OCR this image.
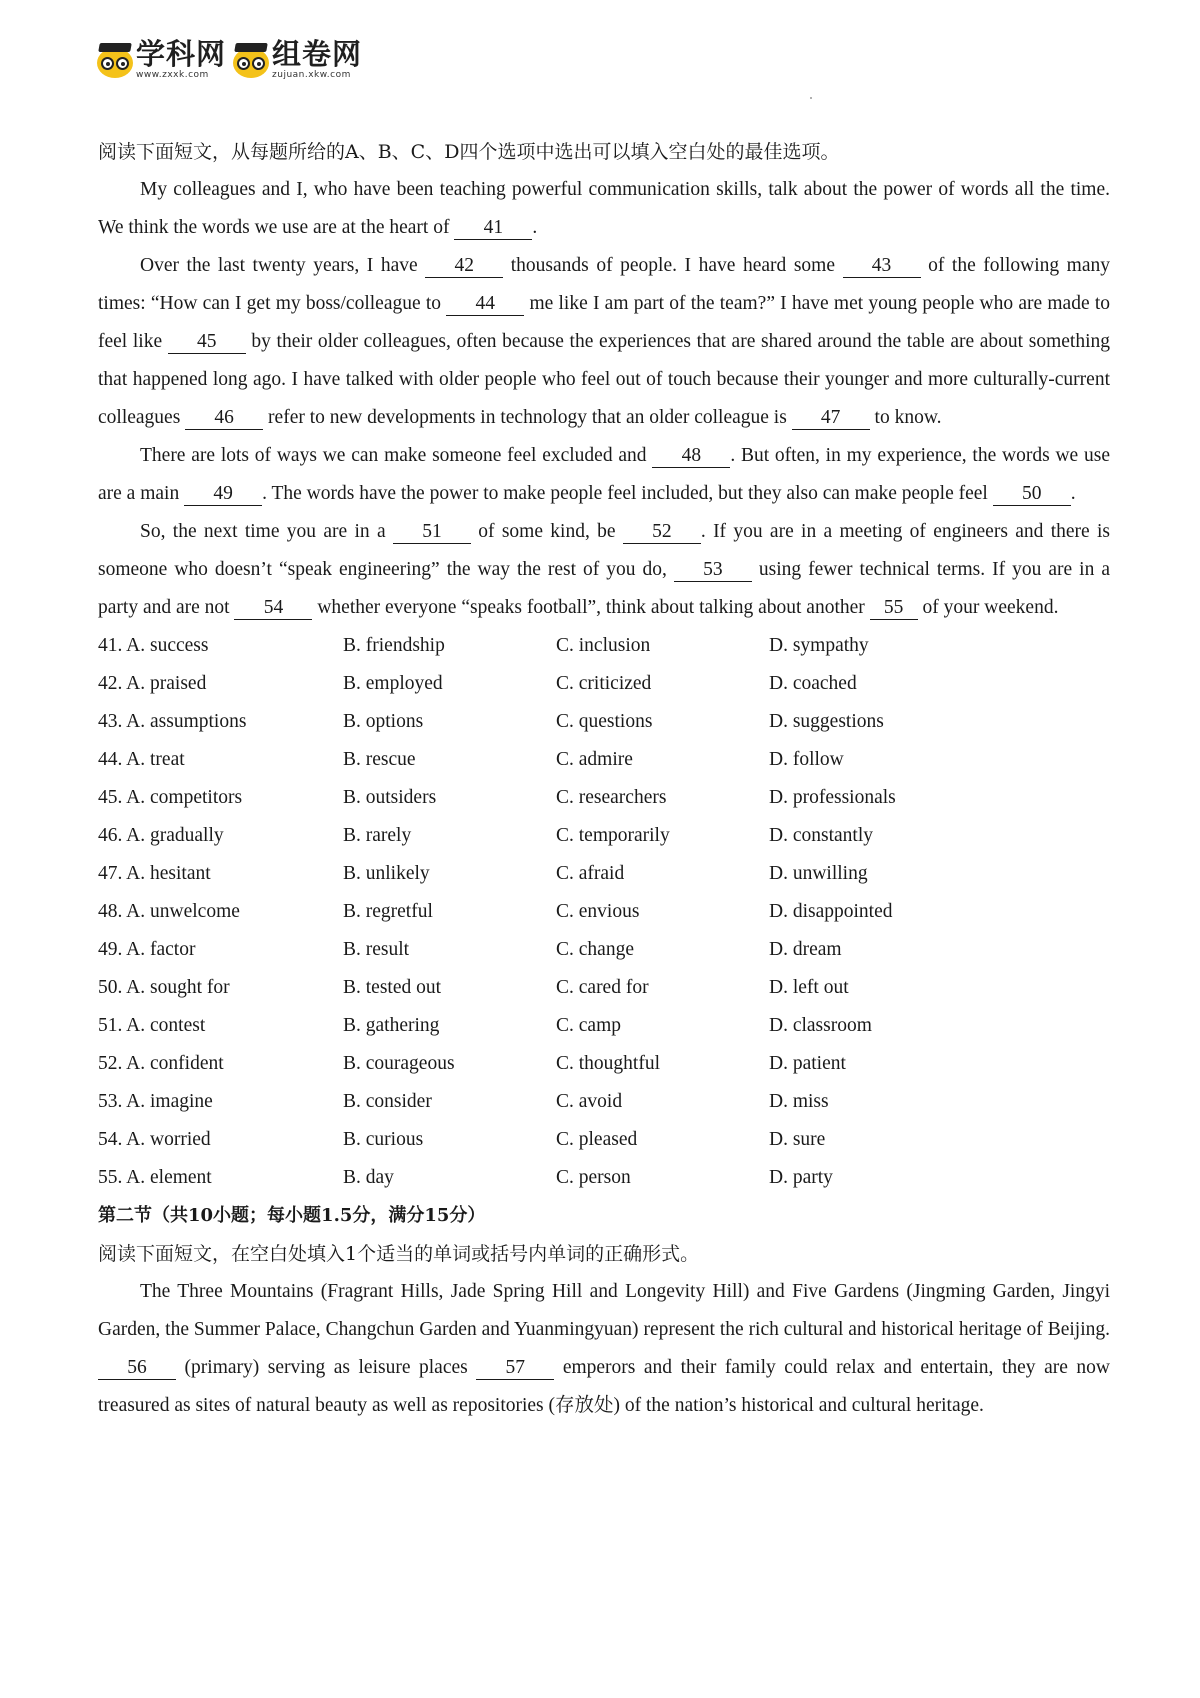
学科网
www.zxxk.com
组卷网
zujuan.xkw.com

阅读下面短文，从每题所给的A、B、C、D四个选项中选出可以填入空白处的最佳选项。

My colleagues and I, who have been teaching powerful communication skills, talk about the power of words all the time. We think the words we use are at the heart of 41 .

Over the last twenty years, I have 42 thousands of people. I have heard some 43 of the following many times: “How can I get my boss/colleague to 44 me like I am part of the team?” I have met young people who are made to feel like 45 by their older colleagues, often because the experiences that are shared around the table are about something that happened long ago. I have talked with older people who feel out of touch because their younger and more culturally-current colleagues 46 refer to new developments in technology that an older colleague is 47 to know.

There are lots of ways we can make someone feel excluded and 48 . But often, in my experience, the words we use are a main 49 . The words have the power to make people feel included, but they also can make people feel 50 .

So, the next time you are in a 51 of some kind, be 52 . If you are in a meeting of engineers and there is someone who doesn’t “speak engineering” the way the rest of you do, 53 using fewer technical terms. If you are in a party and are not 54 whether everyone “speaks football”, think about talking about another 55 of your weekend.

41. A. success	B. friendship	C. inclusion	D. sympathy
42. A. praised	B. employed	C. criticized	D. coached
43. A. assumptions	B. options	C. questions	D. suggestions
44. A. treat	B. rescue	C. admire	D. follow
45. A. competitors	B. outsiders	C. researchers	D. professionals
46. A. gradually	B. rarely	C. temporarily	D. constantly
47. A. hesitant	B. unlikely	C. afraid	D. unwilling
48. A. unwelcome	B. regretful	C. envious	D. disappointed
49. A. factor	B. result	C. change	D. dream
50. A. sought for	B. tested out	C. cared for	D. left out
51. A. contest	B. gathering	C. camp	D. classroom
52. A. confident	B. courageous	C. thoughtful	D. patient
53. A. imagine	B. consider	C. avoid	D. miss
54. A. worried	B. curious	C. pleased	D. sure
55. A. element	B. day	C. person	D. party

第二节（共10小题；每小题1.5分，满分15分）

阅读下面短文，在空白处填入1个适当的单词或括号内单词的正确形式。

The Three Mountains (Fragrant Hills, Jade Spring Hill and Longevity Hill) and Five Gardens (Jingming Garden, Jingyi Garden, the Summer Palace, Changchun Garden and Yuanmingyuan) represent the rich cultural and historical heritage of Beijing. 56 (primary) serving as leisure places 57 emperors and their family could relax and entertain, they are now treasured as sites of natural beauty as well as repositories (存放处) of the nation’s historical and cultural heritage.
